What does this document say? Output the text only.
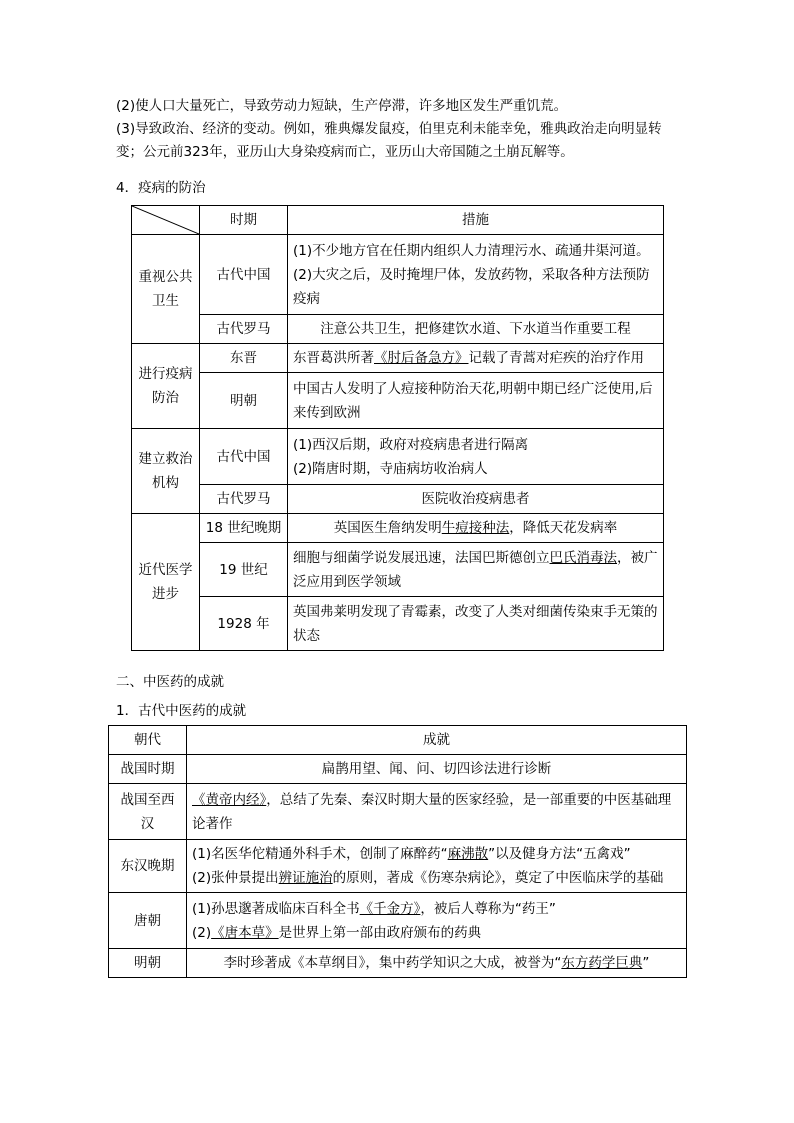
(2)使人口大量死亡，导致劳动力短缺，生产停滞，许多地区发生严重饥荒。

(3)导致政治、经济的变动。例如，雅典爆发鼠疫，伯里克利未能幸免，雅典政治走向明显转变；公元前323年，亚历山大身染疫病而亡，亚历山大帝国随之土崩瓦解等。

4．疫病的防治

	时期	措施
重视公共卫生	古代中国	(1)不少地方官在任期内组织人力清理污水、疏通井渠河道。
(2)大灾之后，及时掩埋尸体，发放药物，采取各种方法预防疫病

	古代罗马	注意公共卫生，把修建饮水道、下水道当作重要工程
进行疫病防治	东晋	东晋葛洪所著《肘后备急方》记载了青蒿对疟疾的治疗作用
	明朝	中国古人发明了人痘接种防治天花,明朝中期已经广泛使用,后来传到欧洲
建立救治机构	古代中国	(1)西汉后期，政府对疫病患者进行隔离
(2)隋唐时期，寺庙病坊收治病人

	古代罗马	医院收治疫病患者
近代医学进步	18 世纪晚期	英国医生詹纳发明牛痘接种法，降低天花发病率
	19 世纪	细胞与细菌学说发展迅速，法国巴斯德创立巴氏消毒法，被广泛应用到医学领域
	1928 年	英国弗莱明发现了青霉素，改变了人类对细菌传染束手无策的状态

二、中医药的成就

1．古代中医药的成就

朝代	成就
战国时期	扁鹊用望、闻、问、切四诊法进行诊断
战国至西汉	《黄帝内经》，总结了先秦、秦汉时期大量的医家经验，是一部重要的中医基础理论著作
东汉晚期	(1)名医华佗精通外科手术，创制了麻醉药“麻沸散”以及健身方法“五禽戏”
(2)张仲景提出辨证施治的原则，著成《伤寒杂病论》，奠定了中医临床学的基础

唐朝	(1)孙思邈著成临床百科全书《千金方》，被后人尊称为“药王”
(2)《唐本草》是世界上第一部由政府颁布的药典

明朝	李时珍著成《本草纲目》，集中药学知识之大成，被誉为“东方药学巨典”
